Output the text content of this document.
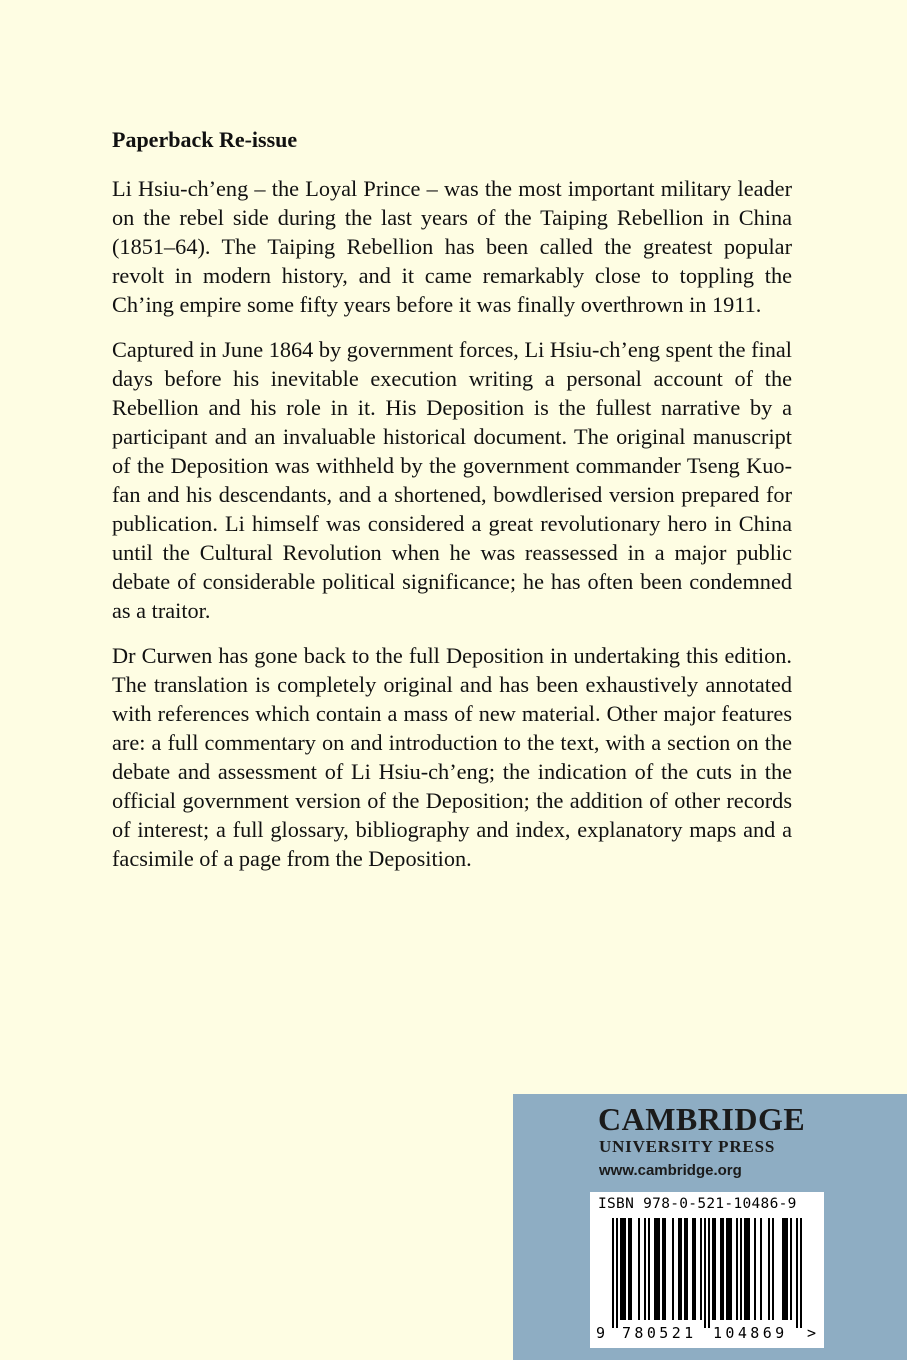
Paperback Re-issue

Li Hsiu-ch’eng – the Loyal Prince – was the most important military leader on the rebel side during the last years of the Taiping Rebellion in China (1851–64). The Taiping Rebellion has been called the greatest popular revolt in modern history, and it came remarkably close to toppling the Ch’ing empire some fifty years before it was finally overthrown in 1911.

Captured in June 1864 by government forces, Li Hsiu-ch’eng spent the final days before his inevitable execution writing a personal account of the Rebellion and his role in it. His Deposition is the fullest narrative by a participant and an invaluable historical document. The original manuscript of the Deposition was withheld by the government commander Tseng Kuo-fan and his descendants, and a shortened, bowdlerised version prepared for publication. Li himself was considered a great revolutionary hero in China until the Cultural Revolution when he was reassessed in a major public debate of considerable political significance; he has often been condemned as a traitor.

Dr Curwen has gone back to the full Deposition in undertaking this edition. The translation is completely original and has been exhaustively annotated with references which contain a mass of new material. Other major features are: a full commentary on and introduction to the text, with a section on the debate and assessment of Li Hsiu-ch’eng; the indication of the cuts in the official government version of the Deposition; the addition of other records of interest; a full glossary, bibliography and index, explanatory maps and a facsimile of a page from the Deposition.

CAMBRIDGE
UNIVERSITY PRESS
www.cambridge.org
ISBN 978-0-521-10486-9
9 780521 104869 >
